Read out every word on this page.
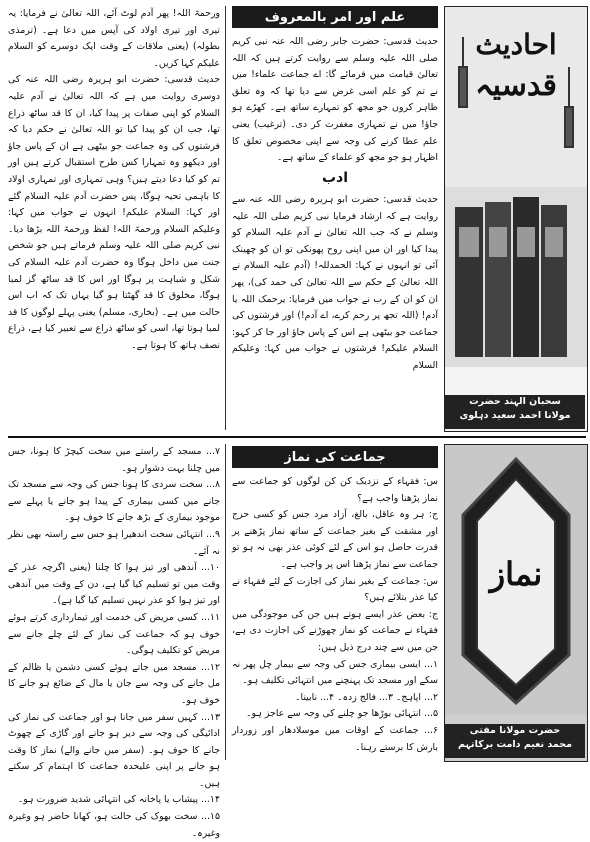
علم اور امر بالمعروف

حدیث قدسی: حضرت جابر رضی اللہ عنہ نبی کریم صلی اللہ علیہ وسلم سے روایت کرتے ہیں کہ اللہ تعالیٰ قیامت میں فرمائے گا: اے جماعت علماء! میں نے تم کو علم اسی غرض سے دیا تھا کہ وہ تعلق ظاہر کروں جو مجھ کو تمہارے ساتھ ہے۔ کھڑے ہو جاؤ! میں نے تمہاری مغفرت کر دی۔ (ترغیب) یعنی علم عطا کرنے کی وجہ سے اپنی مخصوص تعلق کا اظہار ہو جو مجھ کو علماء کے ساتھ ہے۔

ادب

حدیث قدسی: حضرت ابو ہریرہ رضی اللہ عنہ سے روایت ہے کہ ارشاد فرمایا نبی کریم صلی اللہ علیہ وسلم نے کہ جب اللہ تعالیٰ نے آدم علیہ السلام کو پیدا کیا اور ان میں اپنی روح پھونکی تو ان کو چھینک آئی تو انہوں نے کہا: الحمدللہ! (آدم علیہ السلام نے اللہ تعالیٰ کے حکم سے اللہ تعالیٰ کی حمد کی)، پھر ان کو ان کے رب نے جواب میں فرمایا: یرحمک اللہ یا آدم! (اللہ تجھ پر رحم کرے، اے آدم!) اور فرشتوں کی جماعت جو بیٹھی ہے اس کے پاس جاؤ اور جا کر کہو: السلام علیکم! فرشتوں نے جواب میں کہا: وعلیکم السلام

ورحمۃ اللہ! پھر آدم لوٹ آئے، اللہ تعالیٰ نے فرمایا: یہ تیری اور تیری اولاد کی آپس میں دعا ہے۔ (ترمذی بطولہ) (یعنی ملاقات کے وقت ایک دوسرے کو السلام علیکم کہا کریں۔

حدیث قدسی: حضرت ابو ہریرہ رضی اللہ عنہ کی دوسری روایت میں ہے کہ اللہ تعالیٰ نے آدم علیہ السلام کو اپنی صفات پر پیدا کیا، ان کا قد ساٹھ ذراع تھا، جب ان کو پیدا کیا تو اللہ تعالیٰ نے حکم دیا کہ فرشتوں کی وہ جماعت جو بیٹھی ہے ان کے پاس جاؤ اور دیکھو وہ تمہارا کس طرح استقبال کرتے ہیں اور تم کو کیا دعا دیتے ہیں؟ وہی تمہاری اور تمہاری اولاد کا باہمی تحیہ ہوگا، پس حضرت آدم علیہ السلام گئے اور کہا: السلام علیکم! انہوں نے جواب میں کہا: وعلیکم السلام ورحمۃ اللہ! لفظ ورحمۃ اللہ بڑھا دیا۔ نبی کریم صلی اللہ علیہ وسلم فرماتے ہیں جو شخص جنت میں داخل ہوگا وہ حضرت آدم علیہ السلام کی شکل و شباہت پر ہوگا اور اس کا قد ساٹھ گز لمبا ہوگا، مخلوق کا قد گھٹتا ہو گیا یہاں تک کہ اب اس حالت میں ہے۔ (بخاری، مسلم) یعنی پہلے لوگوں کا قد لمبا ہوتا تھا، اسی کو ساٹھ ذراع سے تعبیر کیا ہے، ذراع نصف ہاتھ کا ہوتا ہے۔

احادیث
قدسیہ
سحبان الہند حضرت
مولانا احمد سعید دہلوی
جماعت کی نماز

س: فقہاء کے نزدیک کن کن لوگوں کو جماعت سے نماز پڑھنا واجب ہے؟

ج: ہر وہ عاقل، بالغ، آزاد مرد جس کو کسی حرج اور مشقت کے بغیر جماعت کے ساتھ نماز پڑھنے پر قدرت حاصل ہو اس کے لئے کوئی عذر بھی نہ ہو تو جماعت سے نماز پڑھنا اس پر واجب ہے۔

س: جماعت کے بغیر نماز کی اجازت کے لئے فقہاء نے کیا عذر بتلائے ہیں؟

ج: بعض عذر ایسے ہوتے ہیں جن کی موجودگی میں فقہاء نے جماعت کو نماز چھوڑنے کی اجازت دی ہے، جن میں سے چند درج ذیل ہیں:

۱... ایسی بیماری جس کی وجہ سے بیمار چل پھر نہ سکے اور مسجد تک پہنچنے میں انتہائی تکلیف ہو۔

۲... اپاہج۔ ۳... فالج زدہ۔ ۴... نابینا۔

۵... انتہائی بوڑھا جو چلنے کی وجہ سے عاجز ہو۔

۶... جماعت کے اوقات میں موسلادھار اور زوردار بارش کا برستے رہنا۔

۷... مسجد کے راستے میں سخت کیچڑ کا ہونا، جس میں چلنا بہت دشوار ہو۔

۸... سخت سردی کا ہونا جس کی وجہ سے مسجد تک جانے میں کسی بیماری کے پیدا ہو جانے یا پہلے سے موجود بیماری کے بڑھ جانے کا خوف ہو۔

۹... انتہائی سخت اندھیرا ہو جس سے راستہ بھی نظر نہ آئے۔

۱۰... آندھی اور تیز ہوا کا چلنا (یعنی اگرچہ عذر کے وقت میں تو تسلیم کیا گیا ہے، دن کے وقت میں آندھی اور تیز ہوا کو عذر نہیں تسلیم کیا گیا ہے)۔

۱۱... کسی مریض کی خدمت اور تیمارداری کرتے ہوئے خوف ہو کہ جماعت کی نماز کے لئے چلے جانے سے مریض کو تکلیف ہوگی۔

۱۲... مسجد میں جاتے ہوئے کسی دشمن یا ظالم کے مل جانے کی وجہ سے جان یا مال کے ضائع ہو جانے کا خوف ہو۔

۱۳... کہیں سفر میں جانا ہو اور جماعت کی نماز کی ادائیگی کی وجہ سے دیر ہو جانے اور گاڑی کے چھوٹ جانے کا خوف ہو۔ (سفر میں جانے والے) نماز کا وقت ہو جانے پر اپنی علیحدہ جماعت کا اہتمام کر سکتے ہیں۔

۱۴... پیشاب یا پاخانہ کی انتہائی شدید ضرورت ہو۔

۱۵... سخت بھوک کی حالت ہو، کھانا حاضر ہو وغیرہ وغیرہ۔

نماز
حضرت مولانا مفتی
محمد نعیم دامت برکاتہم
